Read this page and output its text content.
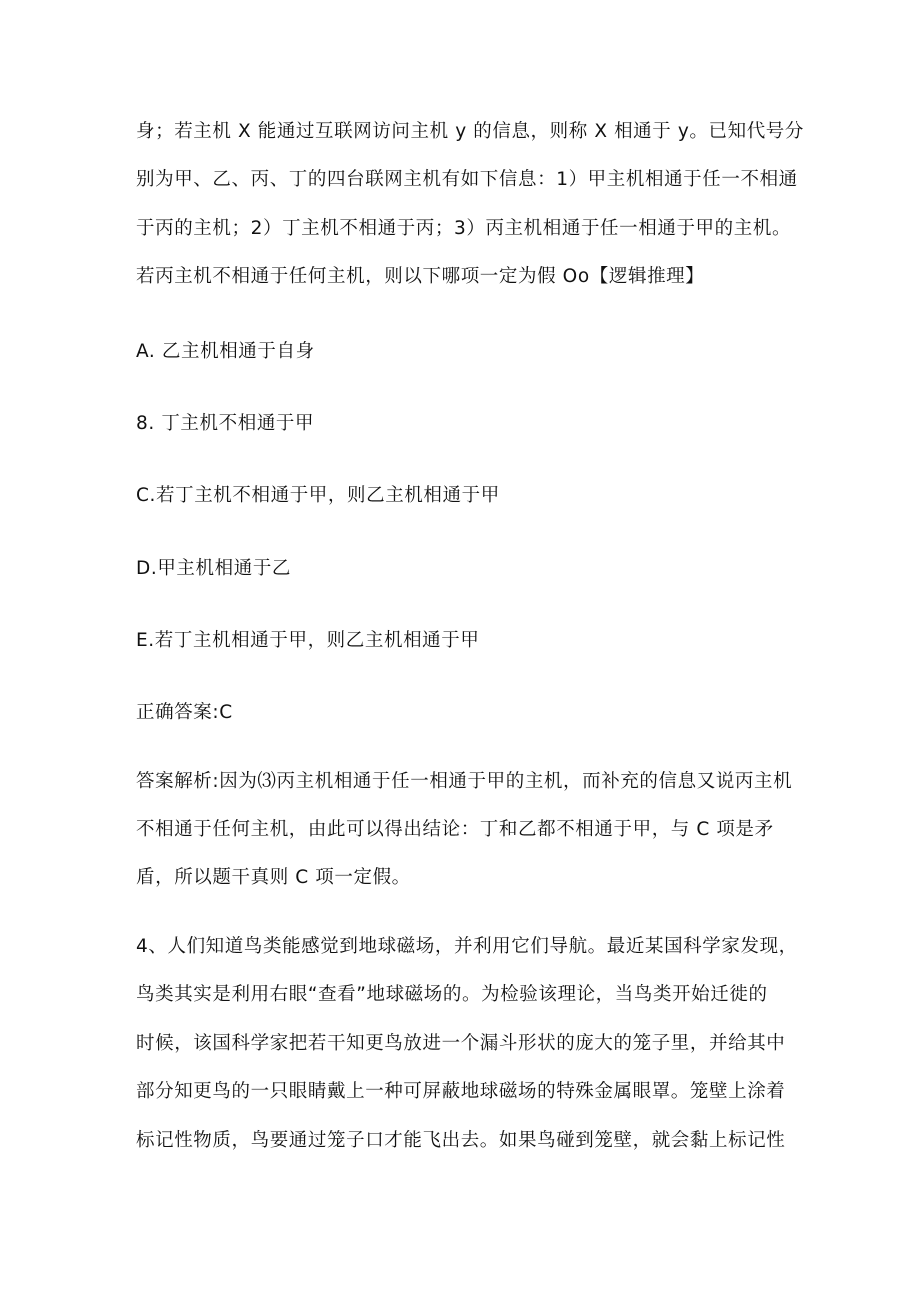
身；若主机 X 能通过互联网访问主机 y 的信息，则称 X 相通于 y。已知代号分
别为甲、乙、丙、丁的四台联网主机有如下信息：1）甲主机相通于任一不相通
于丙的主机；2）丁主机不相通于丙；3）丙主机相通于任一相通于甲的主机。
若丙主机不相通于任何主机，则以下哪项一定为假 Oo【逻辑推理】
A. 乙主机相通于自身
8. 丁主机不相通于甲
C.若丁主机不相通于甲，则乙主机相通于甲
D.甲主机相通于乙
E.若丁主机相通于甲，则乙主机相通于甲
正确答案:C
答案解析:因为⑶丙主机相通于任一相通于甲的主机，而补充的信息又说丙主机
不相通于任何主机，由此可以得出结论：丁和乙都不相通于甲，与 C 项是矛
盾，所以题干真则 C 项一定假。
4、人们知道鸟类能感觉到地球磁场，并利用它们导航。最近某国科学家发现，
鸟类其实是利用右眼“查看”地球磁场的。为检验该理论，当鸟类开始迁徙的
时候，该国科学家把若干知更鸟放进一个漏斗形状的庞大的笼子里，并给其中
部分知更鸟的一只眼睛戴上一种可屏蔽地球磁场的特殊金属眼罩。笼壁上涂着
标记性物质，鸟要通过笼子口才能飞出去。如果鸟碰到笼壁，就会黏上标记性
